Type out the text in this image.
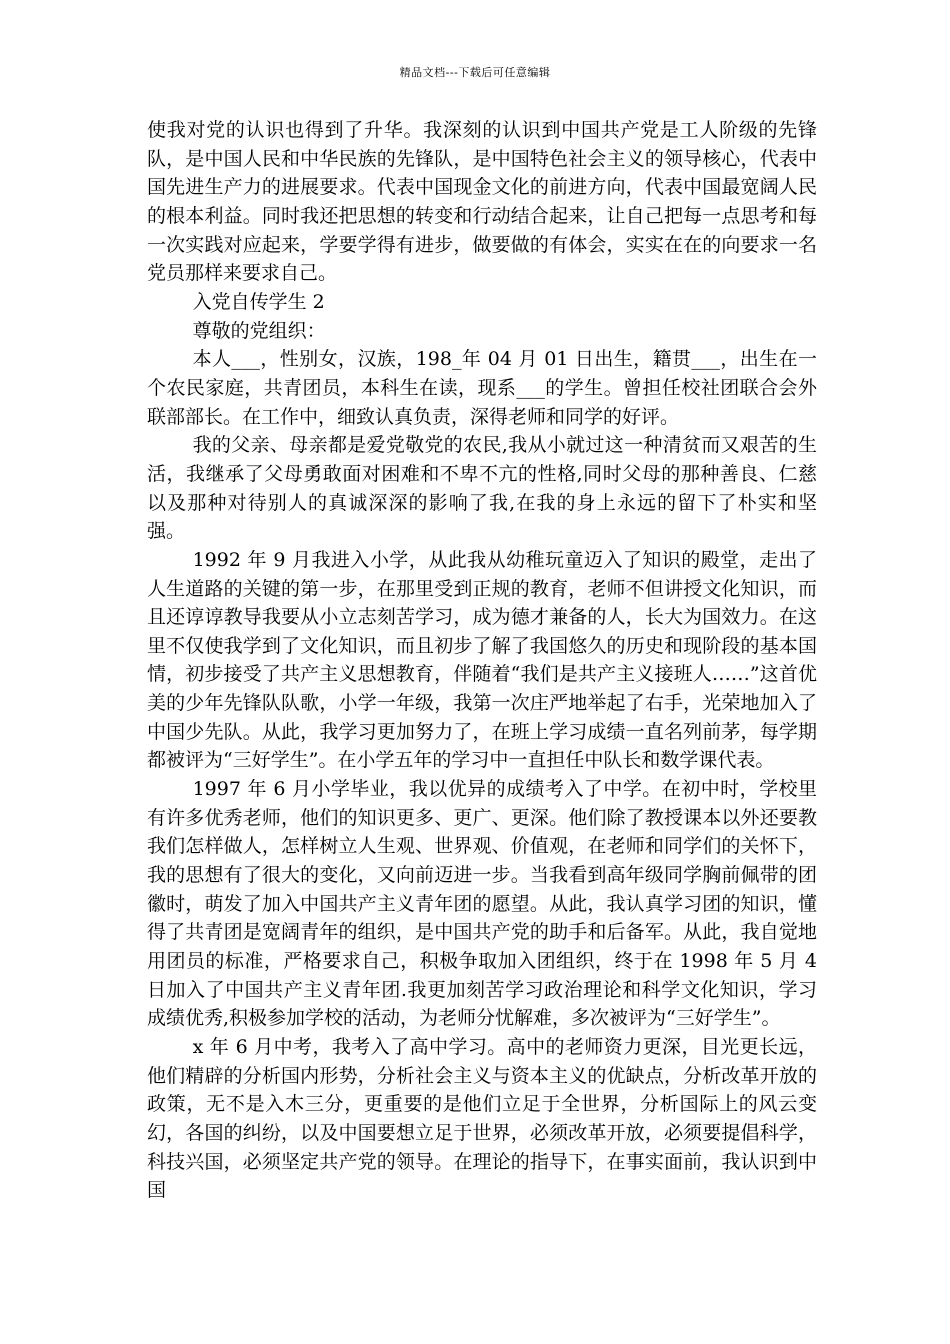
精品文档---下载后可任意编辑

使我对党的认识也得到了升华。我深刻的认识到中国共产党是工人阶级的先锋队，是中国人民和中华民族的先锋队，是中国特色社会主义的领导核心，代表中国先进生产力的进展要求。代表中国现金文化的前进方向，代表中国最宽阔人民的根本利益。同时我还把思想的转变和行动结合起来，让自己把每一点思考和每一次实践对应起来，学要学得有进步，做要做的有体会，实实在在的向要求一名党员那样来要求自己。

入党自传学生 2

尊敬的党组织：

本人___，性别女，汉族，198_年 04 月 01 日出生，籍贯___，出生在一个农民家庭，共青团员，本科生在读，现系___的学生。曾担任校社团联合会外联部部长。在工作中，细致认真负责，深得老师和同学的好评。

我的父亲、母亲都是爱党敬党的农民,我从小就过这一种清贫而又艰苦的生活，我继承了父母勇敢面对困难和不卑不亢的性格,同时父母的那种善良、仁慈以及那种对待别人的真诚深深的影响了我,在我的身上永远的留下了朴实和坚强。

1992 年 9 月我进入小学，从此我从幼稚玩童迈入了知识的殿堂，走出了人生道路的关键的第一步，在那里受到正规的教育，老师不但讲授文化知识，而且还谆谆教导我要从小立志刻苦学习，成为德才兼备的人，长大为国效力。在这里不仅使我学到了文化知识，而且初步了解了我国悠久的历史和现阶段的基本国情，初步接受了共产主义思想教育，伴随着“我们是共产主义接班人……”这首优美的少年先锋队队歌，小学一年级，我第一次庄严地举起了右手，光荣地加入了中国少先队。从此，我学习更加努力了，在班上学习成绩一直名列前茅，每学期都被评为“三好学生”。在小学五年的学习中一直担任中队长和数学课代表。

1997 年 6 月小学毕业，我以优异的成绩考入了中学。在初中时，学校里有许多优秀老师，他们的知识更多、更广、更深。他们除了教授课本以外还要教我们怎样做人，怎样树立人生观、世界观、价值观，在老师和同学们的关怀下，我的思想有了很大的变化，又向前迈进一步。当我看到高年级同学胸前佩带的团徽时，萌发了加入中国共产主义青年团的愿望。从此，我认真学习团的知识，懂得了共青团是宽阔青年的组织，是中国共产党的助手和后备军。从此，我自觉地用团员的标准，严格要求自己，积极争取加入团组织，终于在 1998 年 5 月 4 日加入了中国共产主义青年团.我更加刻苦学习政治理论和科学文化知识，学习成绩优秀,积极参加学校的活动，为老师分忧解难，多次被评为“三好学生”。

x 年 6 月中考，我考入了高中学习。高中的老师资力更深，目光更长远，他们精辟的分析国内形势，分析社会主义与资本主义的优缺点，分析改革开放的政策，无不是入木三分，更重要的是他们立足于全世界，分析国际上的风云变幻，各国的纠纷，以及中国要想立足于世界，必须改革开放，必须要提倡科学，科技兴国，必须坚定共产党的领导。在理论的指导下，在事实面前，我认识到中国
